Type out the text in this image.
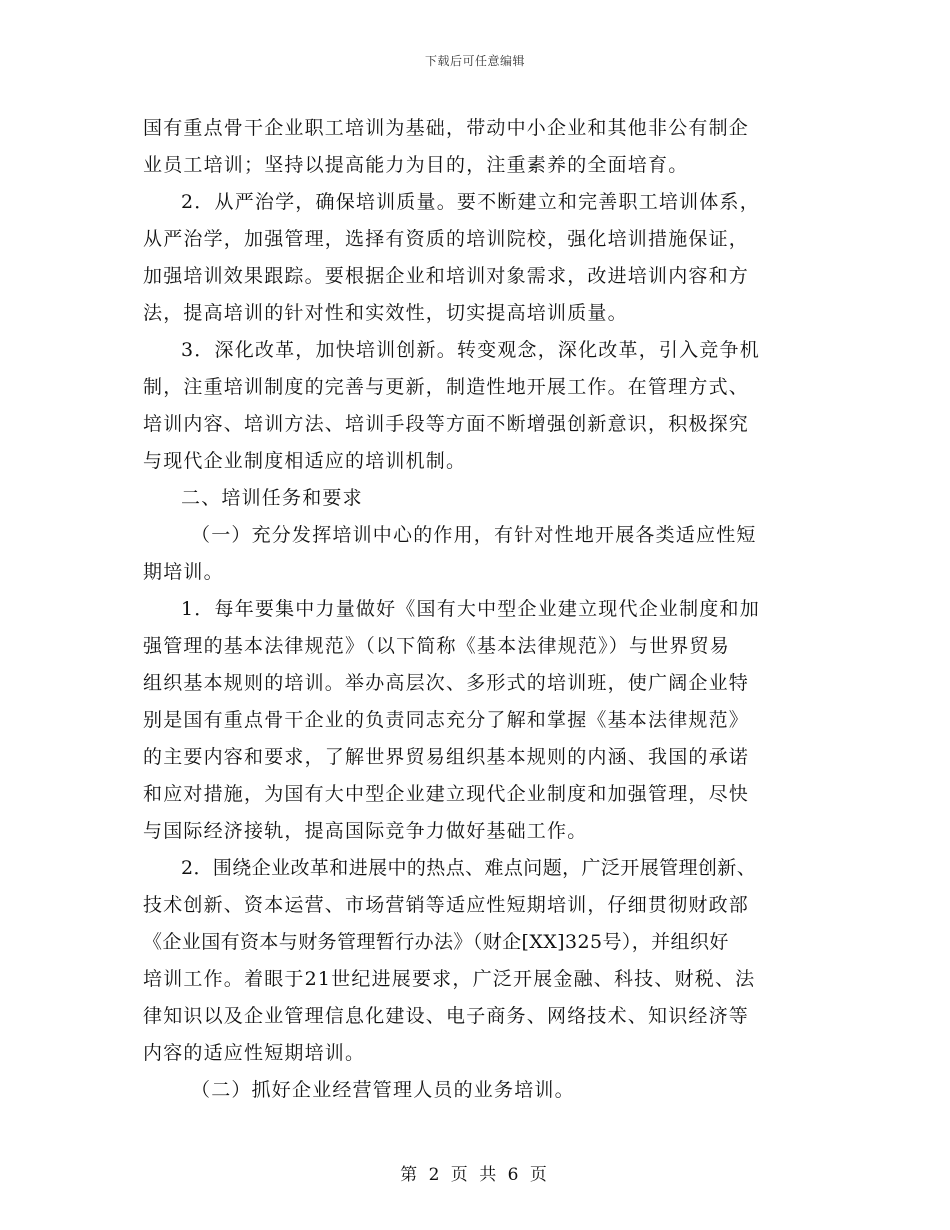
下载后可任意编辑
国有重点骨干企业职工培训为基础，带动中小企业和其他非公有制企
业员工培训；坚持以提高能力为目的，注重素养的全面培育。
2．从严治学，确保培训质量。要不断建立和完善职工培训体系，
从严治学，加强管理，选择有资质的培训院校，强化培训措施保证，
加强培训效果跟踪。要根据企业和培训对象需求，改进培训内容和方
法，提高培训的针对性和实效性，切实提高培训质量。
3．深化改革，加快培训创新。转变观念，深化改革，引入竞争机
制，注重培训制度的完善与更新，制造性地开展工作。在管理方式、
培训内容、培训方法、培训手段等方面不断增强创新意识，积极探究
与现代企业制度相适应的培训机制。
二、培训任务和要求
（一）充分发挥培训中心的作用，有针对性地开展各类适应性短
期培训。
1．每年要集中力量做好《国有大中型企业建立现代企业制度和加
强管理的基本法律规范》（以下简称《基本法律规范》）与世界贸易
组织基本规则的培训。举办高层次、多形式的培训班，使广阔企业特
别是国有重点骨干企业的负责同志充分了解和掌握《基本法律规范》
的主要内容和要求，了解世界贸易组织基本规则的内涵、我国的承诺
和应对措施，为国有大中型企业建立现代企业制度和加强管理，尽快
与国际经济接轨，提高国际竞争力做好基础工作。
2．围绕企业改革和进展中的热点、难点问题，广泛开展管理创新、
技术创新、资本运营、市场营销等适应性短期培训，仔细贯彻财政部
《企业国有资本与财务管理暂行办法》（财企[XX]325号），并组织好
培训工作。着眼于21世纪进展要求，广泛开展金融、科技、财税、法
律知识以及企业管理信息化建设、电子商务、网络技术、知识经济等
内容的适应性短期培训。
（二）抓好企业经营管理人员的业务培训。
第 2 页 共 6 页
